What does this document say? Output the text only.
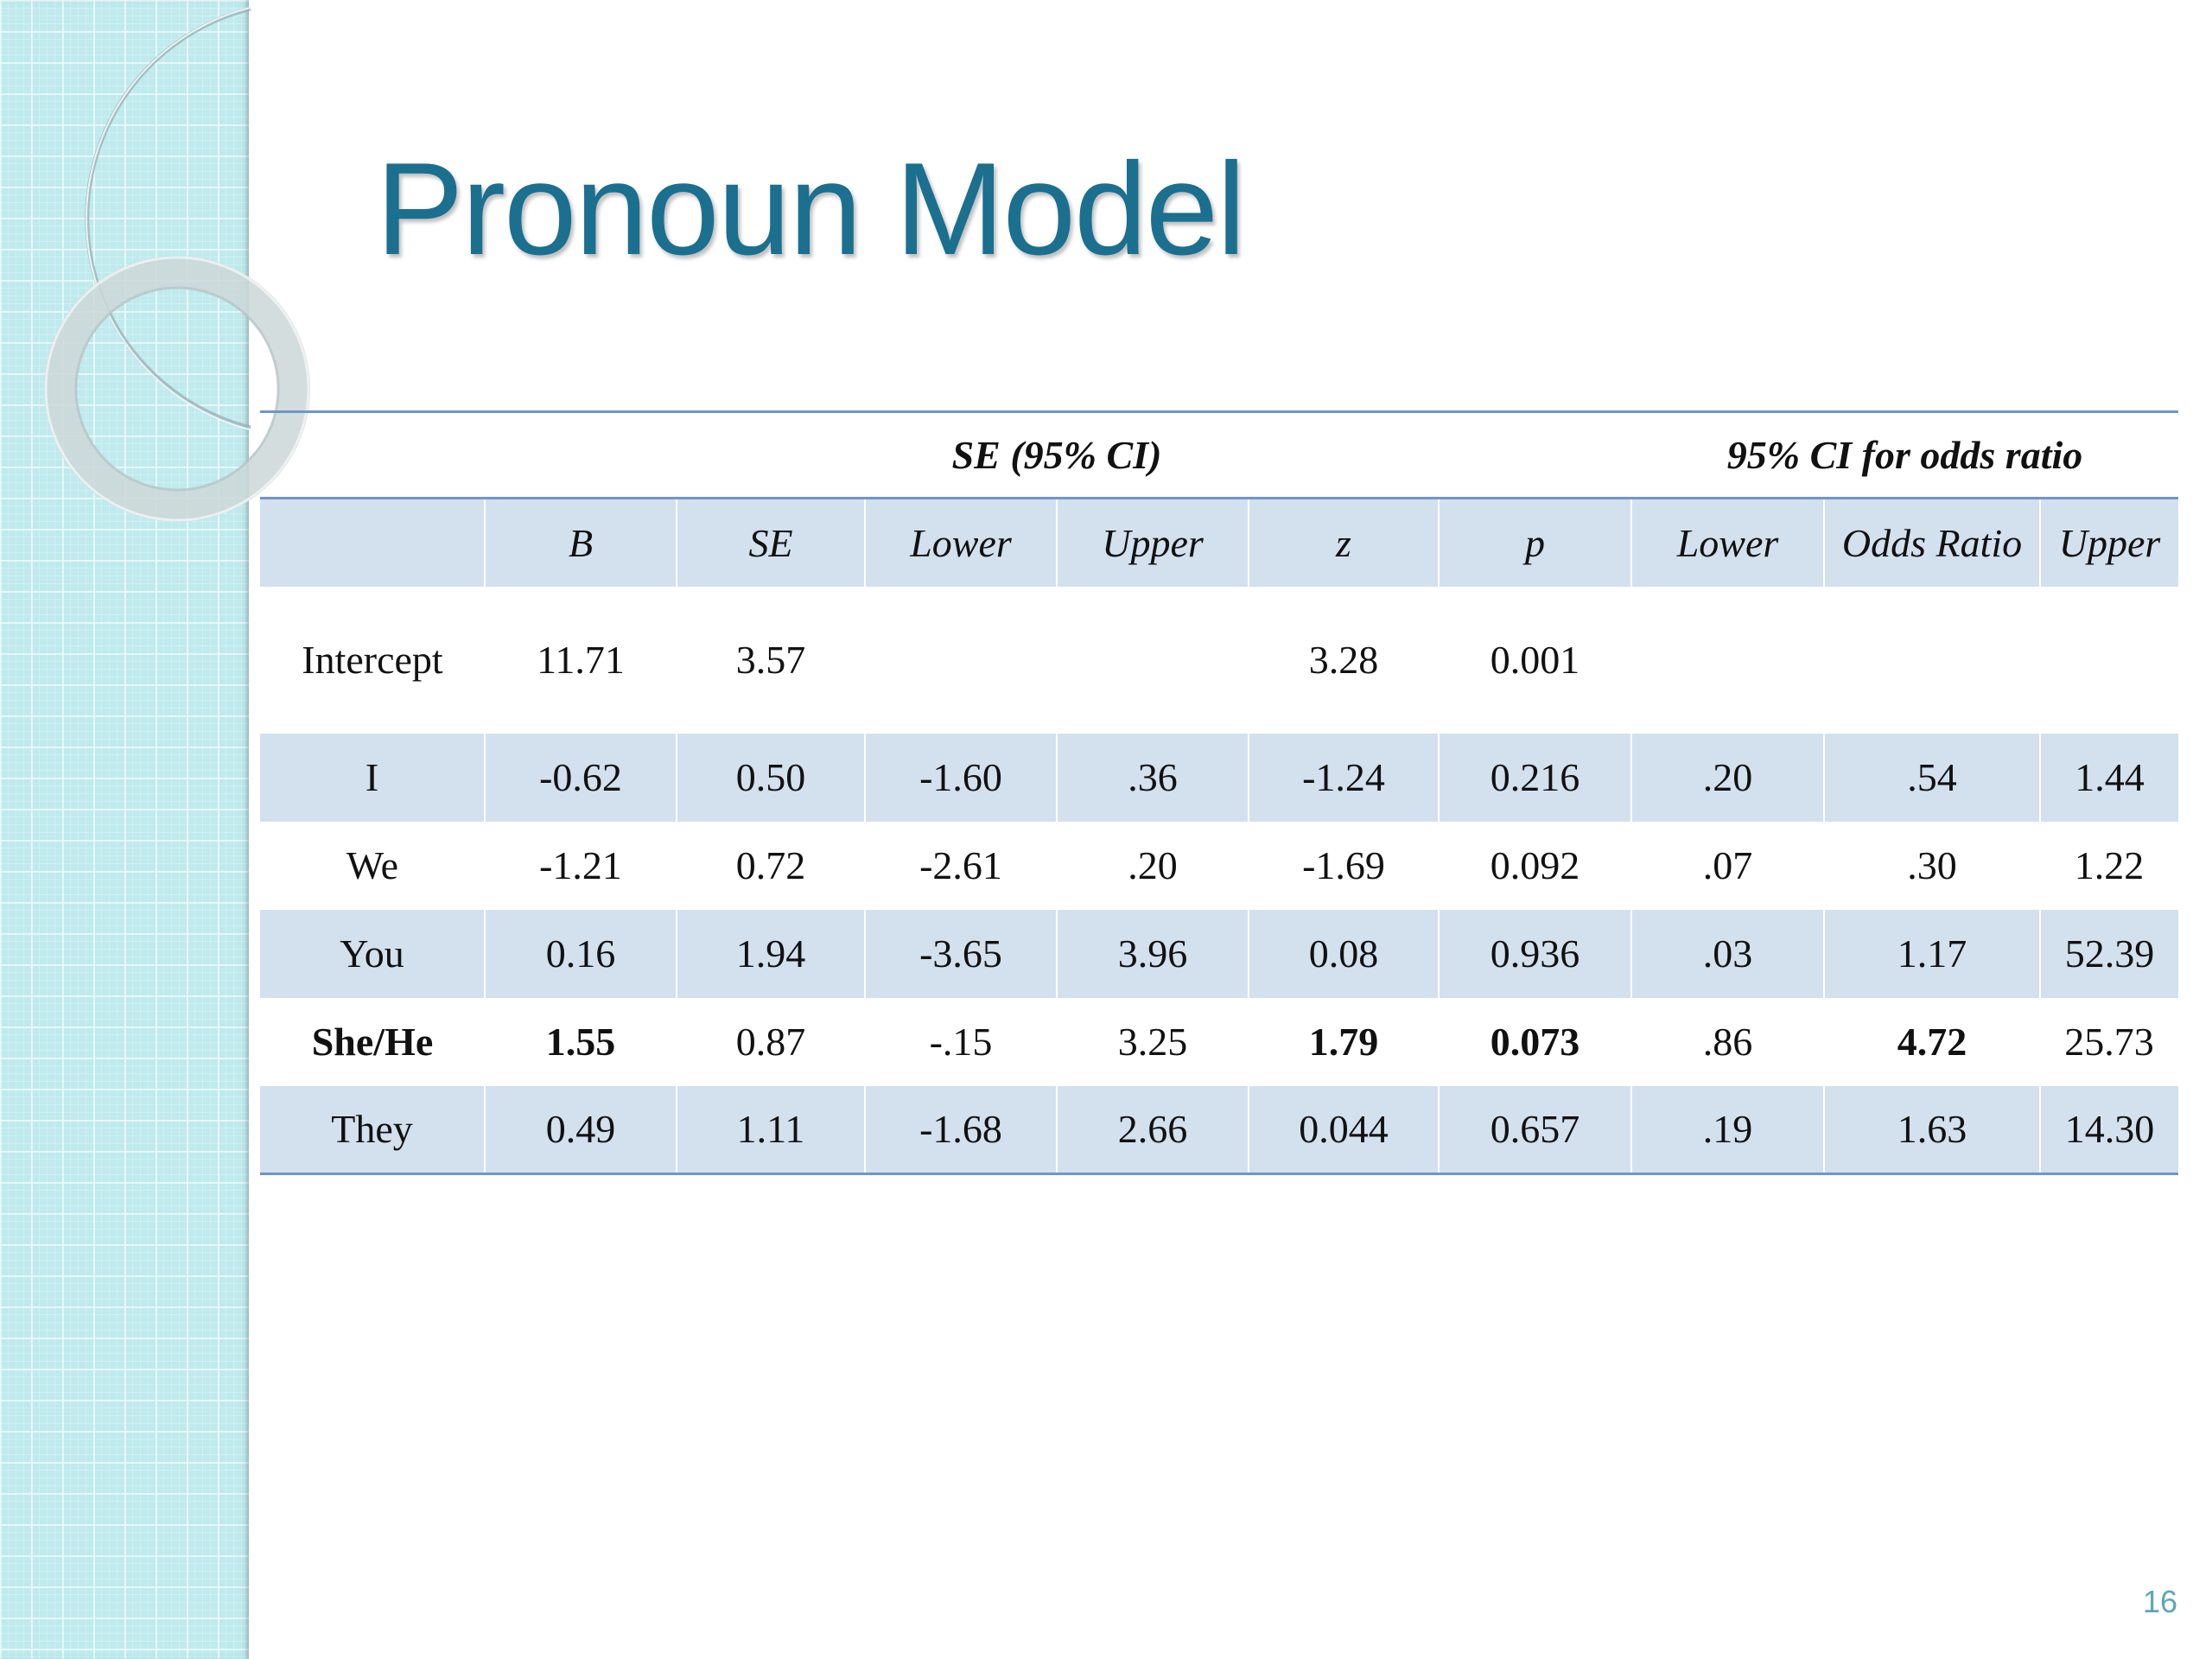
Pronoun Model
			SE (95% CI)				95% CI for odds ratio		
	B	SE	Lower	Upper	z	p	Lower	Odds Ratio	Upper
Intercept	11.71	3.57			3.28	0.001			
I	-0.62	0.50	-1.60	.36	-1.24	0.216	.20	.54	1.44
We	-1.21	0.72	-2.61	.20	-1.69	0.092	.07	.30	1.22
You	0.16	1.94	-3.65	3.96	0.08	0.936	.03	1.17	52.39
She/He	1.55	0.87	-.15	3.25	1.79	0.073	.86	4.72	25.73
They	0.49	1.11	-1.68	2.66	0.044	0.657	.19	1.63	14.30
16
